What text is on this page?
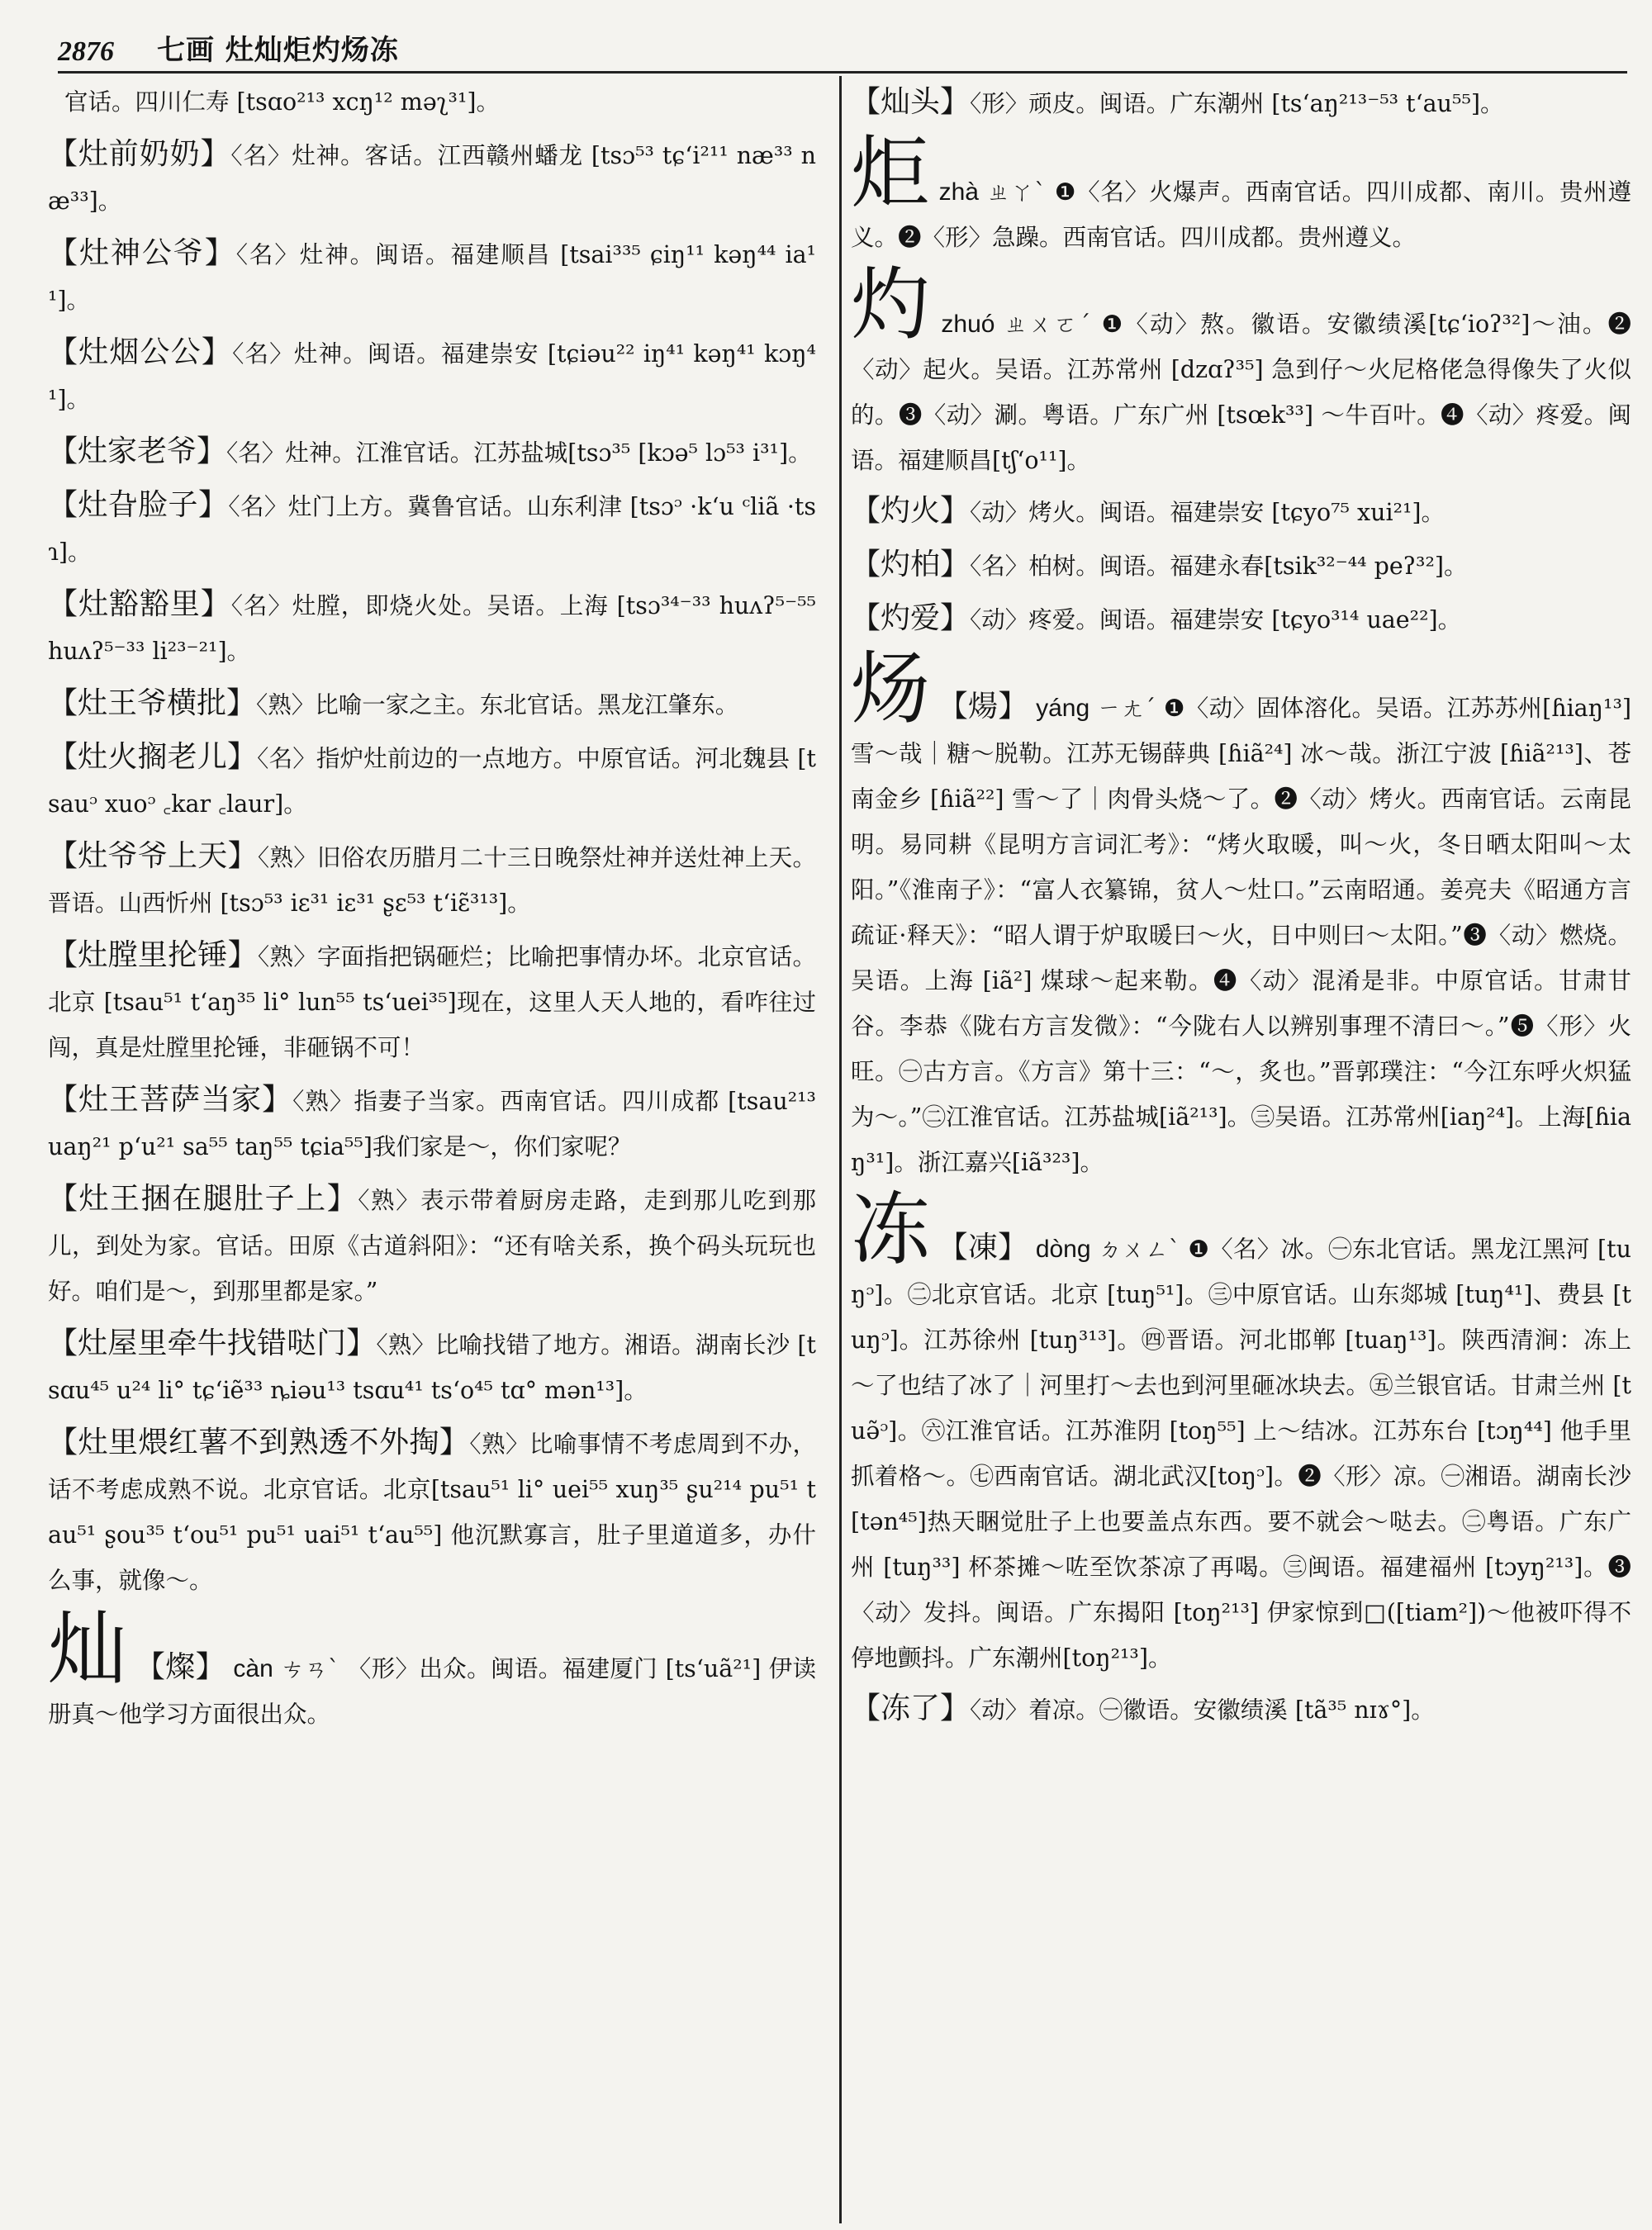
2876 七画 灶灿炬灼炀冻

官话。四川仁寿 [tsɑo²¹³ xcŋ¹² məʅ³¹]。

【灶前奶奶】〈名〉灶神。客话。江西赣州蟠龙 [tsɔ⁵³ tɕʻi²¹¹ næ³³ næ³³]。

【灶神公爷】〈名〉灶神。闽语。福建顺昌 [tsai³³⁵ ɕiŋ¹¹ kəŋ⁴⁴ ia¹¹]。

【灶烟公公】〈名〉灶神。闽语。福建崇安 [tɕiəu²² iŋ⁴¹ kəŋ⁴¹ kɔŋ⁴¹]。

【灶家老爷】〈名〉灶神。江淮官话。江苏盐城[tsɔ³⁵ [kɔə⁵ lɔ⁵³ i³¹]。

【灶旮脸子】〈名〉灶门上方。冀鲁官话。山东利津 [tsɔᵓ ·kʻu ᶜliã ·tsɿ]。

【灶豁豁里】〈名〉灶膛，即烧火处。吴语。上海 [tsɔ³⁴⁻³³ huʌʔ⁵⁻⁵⁵ huʌʔ⁵⁻³³ li²³⁻²¹]。

【灶王爷横批】〈熟〉比喻一家之主。东北官话。黑龙江肇东。

【灶火搁老儿】〈名〉指炉灶前边的一点地方。中原官话。河北魏县 [tsauᵓ xuoᵓ ꜀kar ꜀laur]。

【灶爷爷上天】〈熟〉旧俗农历腊月二十三日晚祭灶神并送灶神上天。晋语。山西忻州 [tsɔ⁵³ iɛ³¹ iɛ³¹ ʂɛ⁵³ tʻiɛ̃³¹³]。

【灶膛里抡锤】〈熟〉字面指把锅砸烂；比喻把事情办坏。北京官话。北京 [tsau⁵¹ tʻaŋ³⁵ li° lun⁵⁵ tsʻuei³⁵]现在，这里人天人地的，看咋往过闯，真是灶膛里抡锤，非砸锅不可！

【灶王菩萨当家】〈熟〉指妻子当家。西南官话。四川成都 [tsau²¹³ uaŋ²¹ pʻu²¹ sa⁵⁵ taŋ⁵⁵ tɕia⁵⁵]我们家是～，你们家呢？

【灶王捆在腿肚子上】〈熟〉表示带着厨房走路，走到那儿吃到那儿，到处为家。官话。田原《古道斜阳》：“还有啥关系，换个码头玩玩也好。咱们是～，到那里都是家。”

【灶屋里牵牛找错哒门】〈熟〉比喻找错了地方。湘语。湖南长沙 [tsɑu⁴⁵ u²⁴ li° tɕʻiẽ³³ ȵiəu¹³ tsɑu⁴¹ tsʻo⁴⁵ tɑ° mən¹³]。

【灶里煨红薯不到熟透不外掏】〈熟〉比喻事情不考虑周到不办，话不考虑成熟不说。北京官话。北京[tsau⁵¹ li° uei⁵⁵ xuŋ³⁵ ʂu²¹⁴ pu⁵¹ tau⁵¹ ʂou³⁵ tʻou⁵¹ pu⁵¹ uai⁵¹ tʻau⁵⁵] 他沉默寡言，肚子里道道多，办什么事，就像～。

灿 【燦】 càn ㄘㄢˋ 〈形〉出众。闽语。福建厦门 [tsʻuã²¹] 伊读册真～他学习方面很出众。

【灿头】〈形〉顽皮。闽语。广东潮州 [tsʻaŋ²¹³⁻⁵³ tʻau⁵⁵]。

炬 zhà ㄓㄚˋ ❶〈名〉火爆声。西南官话。四川成都、南川。贵州遵义。❷〈形〉急躁。西南官话。四川成都。贵州遵义。
灼 zhuó ㄓㄨㄛˊ ❶〈动〉熬。徽语。安徽绩溪[tɕʻioʔ³²]～油。❷〈动〉起火。吴语。江苏常州 [dzɑʔ³⁵] 急到仔～火尼格佬急得像失了火似的。❸〈动〉涮。粤语。广东广州 [tsœk³³] ～牛百叶。❹〈动〉疼爱。闽语。福建顺昌[tʃʻo¹¹]。

【灼火】〈动〉烤火。闽语。福建崇安 [tɕyo⁷⁵ xui²¹]。

【灼柏】〈名〉柏树。闽语。福建永春[tsik³²⁻⁴⁴ peʔ³²]。

【灼爱】〈动〉疼爱。闽语。福建崇安 [tɕyo³¹⁴ uae²²]。

炀 【煬】 yáng ㄧㄤˊ ❶〈动〉固体溶化。吴语。江苏苏州[ɦiaŋ¹³]雪～哉｜糖～脱勒。江苏无锡薛典 [ɦiã²⁴] 冰～哉。浙江宁波 [ɦiã²¹³]、苍南金乡 [ɦiã²²] 雪～了｜肉骨头烧～了。❷〈动〉烤火。西南官话。云南昆明。易同耕《昆明方言词汇考》：“烤火取暖，叫～火，冬日晒太阳叫～太阳。”《淮南子》：“富人衣纂锦，贫人～灶口。”云南昭通。姜亮夫《昭通方言疏证·释天》：“昭人谓于炉取暖曰～火，日中则曰～太阳。”❸〈动〉燃烧。吴语。上海 [iã²] 煤球～起来勒。❹〈动〉混淆是非。中原官话。甘肃甘谷。李恭《陇右方言发微》：“今陇右人以辨别事理不清曰～。”❺〈形〉火旺。㊀古方言。《方言》第十三：“～，炙也。”晋郭璞注：“今江东呼火炽猛为～。”㊁江淮官话。江苏盐城[iã²¹³]。㊂吴语。江苏常州[iaŋ²⁴]。上海[ɦiaŋ³¹]。浙江嘉兴[iã³²³]。
冻 【凍】 dòng ㄉㄨㄥˋ ❶〈名〉冰。㊀东北官话。黑龙江黑河 [tuŋᵓ]。㊁北京官话。北京 [tuŋ⁵¹]。㊂中原官话。山东郯城 [tuŋ⁴¹]、费县 [tuŋᵓ]。江苏徐州 [tuŋ³¹³]。㊃晋语。河北邯郸 [tuaŋ¹³]。陕西清涧：冻上～了也结了冰了｜河里打～去也到河里砸冰块去。㊄兰银官话。甘肃兰州 [tuə̃ᵓ]。㊅江淮官话。江苏淮阴 [toŋ⁵⁵] 上～结冰。江苏东台 [tɔŋ⁴⁴] 他手里抓着格～。㊆西南官话。湖北武汉[toŋᵓ]。❷〈形〉凉。㊀湘语。湖南长沙[tən⁴⁵]热天睏觉肚子上也要盖点东西。要不就会～哒去。㊁粤语。广东广州 [tuŋ³³] 杯茶摊～咗至饮茶凉了再喝。㊂闽语。福建福州 [tɔyŋ²¹³]。❸〈动〉发抖。闽语。广东揭阳 [toŋ²¹³] 伊家惊到□([tiam²])～他被吓得不停地颤抖。广东潮州[toŋ²¹³]。

【冻了】〈动〉着凉。㊀徽语。安徽绩溪 [tã³⁵ nɪɤ°]。
